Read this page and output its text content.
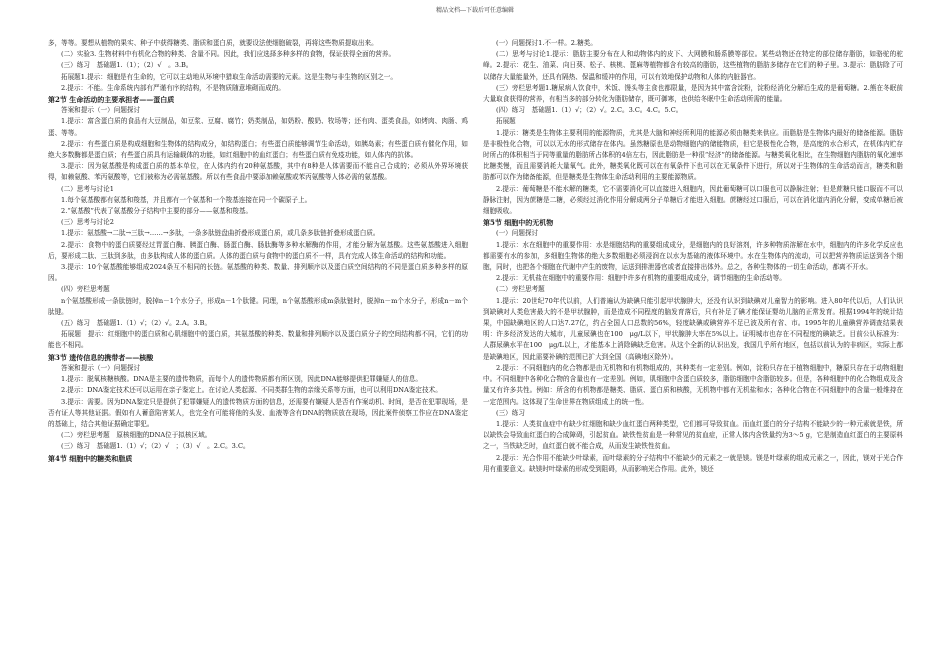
精品文档---下载后可任意编辑

多，等等。要想从植物的果实、种子中获得糖类、脂质和蛋白质，就要设法使细胞破裂，再将这些物质提取出来。

(二）实验3. 生物材料中有机化合物的种类、含量不同。因此，我们应选择多种多样的食物，保证获得全面的营养。

(三）练习　基础题1.（1）；（2）√　。3.B。

拓展题1.提示：细胞是有生命的，它可以主动地从环境中猎取生命活动需要的元素。这是生物与非生物的区别之一。

2.提示：不能。生命系统内部有严谨有序的结构，不是物质随意堆砌而成的。

第2节 生命活动的主要承担者——蛋白质

答案和提示（一）问题探讨

1.提示：富含蛋白质的食品有大豆制品，如豆浆、豆腐、腐竹；奶类制品，如奶粉、酸奶、牧场等；还有肉、蛋类食品，如烤肉、肉肠、鸡蛋、等等。

2.提示：有些蛋白质是构成细胞和生物体的结构成分，如结构蛋白；有些蛋白质能够调节生命活动，如胰岛素；有些蛋白质有催化作用，如绝大多数酶都是蛋白质；有些蛋白质具有运输载体的功能，如红细胞中的血红蛋白；有些蛋白质有免疫功能，如人体内的抗体。

3.提示：因为氨基酸是构成蛋白质的基本单位，在人体内约有20种氨基酸，其中有8种是人体需要而不能自己合成的；必须从外界环境获得，如赖氨酸、苯丙氨酸等，它们被称为必需氨基酸。所以有些食品中要添加赖氨酸或苯丙氨酸等人体必需的氨基酸。

(二）思考与讨论1

1.每个氨基酸都有氨基和羧基，并且都有一个氨基和一个羧基连接在同一个碳原子上。

2.“氨基酸”代表了氨基酸分子结构中主要的部分——氨基和羧基。

(三）思考与讨论2

1.提示：氨基酸→二肽→三肽→……→多肽，一条多肽链盘曲折叠形成蛋白质，或几条多肽链折叠形成蛋白质。

2.提示：食物中的蛋白质要经过胃蛋白酶、胰蛋白酶、肠蛋白酶、肠肽酶等多种水解酶的作用，才能分解为氨基酸。这些氨基酸进入细胞后，要形成二肽、三肽到多肽，由多肽构成人体的蛋白质。人体的蛋白质与食物中的蛋白质不一样，具有完成人体生命活动的结构和功能。

3.提示：10个氨基酸能够组成2024条互不相同的长链。氨基酸的种类、数量、排列顺序以及蛋白质空间结构的不同是蛋白质多种多样的原因。

(四）旁栏思考题

n个氨基酸形成一条肽链时，脱掉n－1个水分子，形成n－1个肽键。同理，n个氨基酸形成m条肽链时，脱掉n－m个水分子，形成n－m个肽键。

(五）练习　基础题1.（1）√；（2）√。2.A。3.B。

拓展题　提示：红细胞中的蛋白质和心肌细胞中的蛋白质，其氨基酸的种类、数量和排列顺序以及蛋白质分子的空间结构都不同，它们的功能也不相同。

第3节 遗传信息的携带者——核酸

答案和提示（一）问题探讨

1.提示：脱氧核糖核酸。DNA是主要的遗传物质，而每个人的遗传物质都有所区别，因此DNA能够提供犯罪嫌疑人的信息。

2.提示：DNA鉴定技术还可以运用在亲子鉴定上。在讨论人类起源、不同类群生物的亲缘关系等方面，也可以利用DNA鉴定技术。

3.提示：需要。因为DNA鉴定只是提供了犯罪嫌疑人的遗传物质方面的信息，还需要有嫌疑人是否有作案动机、时间，是否在犯罪现场，是否有证人等其他证据。假如有人蓄意陷害某人，也完全有可能将他的头发、血液等含有DNA的物质放在现场，因此案件侦察工作应在DNA鉴定的基础上，结合其他证据确定罪犯。

(二）旁栏思考题　原核细胞的DNA位于拟核区域。

(三）练习　基础题1.（1）√；（2）√　；（3）√　。2.C。3.C。

第4节 细胞中的糖类和脂质

(一）问题探讨1.不一样。2.糖类。

(二）思考与讨论1.提示：脂肪主要分布在人和动物体内的皮下、大网膜和肠系膜等部位。某些动物还在特定的部位储存脂肪，如骆驼的驼峰。2.提示：花生、油菜、向日葵、松子、核桃、蓖麻等植物都含有较高的脂肪，这些植物的脂肪多储存在它们的种子里。3.提示：脂肪除了可以储存大量能量外，还具有隔热、保温和缓冲的作用，可以有效地保护动物和人体的内脏器官。

(三）旁栏思考题1.糖尿病人饮食中，米饭、馒头等主食也都限量，是因为其中富含淀粉，淀粉经消化分解后生成的是葡萄糖。2.熊在冬眠前大量取食获得的营养，有相当多的部分转化为脂肪储存，既可御寒，也供给冬眠中生命活动所需的能量。

(四）练习　基础题1.（1）√；（2）√。2.C。3.C。4.C。5.C。

拓展题

1.提示：糖类是生物体主要利用的能源物质，尤其是大脑和神经所利用的能源必须由糖类来供应。而脂肪是生物体内最好的储备能源。脂肪是非极性化合物，可以以无水的形式储存在体内。虽然糖原也是动物细胞内的储能物质，但它是极性化合物，是高度的水合形式，在机体内贮存时所占的体积相当于同等重量的脂肪所占体积的4倍左右，因此脂肪是一种很“经济”的储备能源。与糖类氧化相比，在生物细胞内脂肪的氧化速率比糖类慢，而且需要消耗大量氧气。此外，糖类氧化既可以在有氧条件下也可以在无氧条件下进行，所以对于生物体的生命活动而言，糖类和脂肪都可以作为储备能源，但是糖类是生物体生命活动利用的主要能源物质。

2.提示：葡萄糖是不能水解的糖类，它不需要消化可以直接进入细胞内，因此葡萄糖可以口服也可以静脉注射；但是蔗糖只能口服而不可以静脉注射，因为蔗糖是二糖，必须经过消化作用分解成两分子单糖后才能进入细胞。蔗糖经过口服后，可以在消化道内消化分解，变成单糖后被细胞吸收。

第5节 细胞中的无机物

(一）问题探讨

1.提示：水在细胞中的重要作用：水是细胞结构的重要组成成分，是细胞内的良好溶剂，许多种物质溶解在水中，细胞内的许多化学反应也都需要有水的参加，多细胞生物体的绝大多数细胞必须浸润在以水为基础的液体环境中。水在生物体内的流动，可以把营养物质运送到各个细胞，同时，也把各个细胞在代谢中产生的废物，运送到排泄器官或者直接排出体外。总之，各种生物体的一切生命活动，都离不开水。

2.提示：无机盐在细胞中的重要作用：细胞中许多有机物的重要组成成分，调节细胞的生命活动等。

(二）旁栏思考题

1.提示：20世纪70年代以前，人们普遍认为缺碘只能引起甲状腺肿大，还没有认识到缺碘对儿童智力的影响。进入80年代以后，人们认识到缺碘对人类危害最大的不是甲状腺肿，而是造成不同程度的脑发育落后，只有补足了碘才能保证婴幼儿脑的正常发育。根据1994年的统计结果，中国缺碘地区的人口达7.27亿，约占全国人口总数的56%，轻度缺碘或碘营养不足已波及所有省、市。1995年的儿童碘营养调查结果表明：许多经济发达的大城市，儿童尿碘也在100　μg/L以下，甲状腺肿大率在5%以上。证明城市也存在不同程度的碘缺乏。目前公认标准为：人群尿碘水平在100　μg/L以上，才能基本上消除碘缺乏危害。从这个全新的认识出发，我国几乎所有地区，包括以前认为的非病区，实际上都是缺碘地区，因此需要补碘的范围已扩大到全国（高碘地区除外）。

2.提示：不同细胞内的化合物都是由无机物和有机物组成的，其种类有一定差别。例如，淀粉只存在于植物细胞中，糖原只存在于动物细胞中。不同细胞中各种化合物的含量也有一定差别。例如，肌细胞中含蛋白质较多，脂肪细胞中含脂肪较多。但是，各种细胞中的化合物组成及含量又有许多共性。例如：所含的有机物都是糖类、脂质、蛋白质和核酸，无机物中都有无机盐和水；各种化合物在不同细胞中的含量一般维持在一定范围内。这体现了生命世界在物质组成上的统一性。

(三）练习

1.提示：人类贫血症中有缺少红细胞和缺少血红蛋白两种类型，它们都可导致贫血。而血红蛋白的分子结构不能缺少的一种元素就是铁，所以缺铁会导致血红蛋白的合成障碍，引起贫血。缺铁性贫血是一种常见的贫血症，正常人体内含铁量约为3～5 g，它是制造血红蛋白的主要原料之一，当铁缺乏时，血红蛋白就不能合成，从而发生缺铁性贫血。

2.提示：光合作用不能缺少叶绿素，而叶绿素的分子结构中不能缺少的元素之一就是镁。镁是叶绿素的组成元素之一，因此，镁对于光合作用有重要意义。缺镁时叶绿素的形成受到阻碍，从而影响光合作用。此外，镁还
